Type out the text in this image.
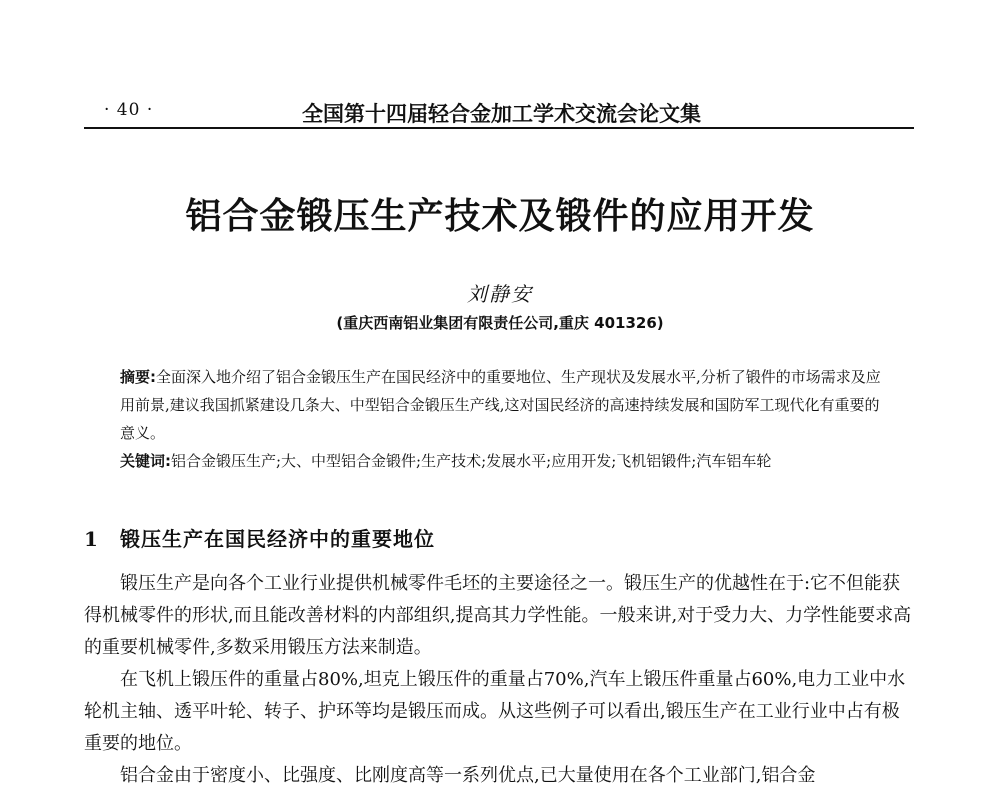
· 40 ·	全国第十四届轻合金加工学术交流会论文集
铝合金锻压生产技术及锻件的应用开发
刘静安
(重庆西南铝业集团有限责任公司,重庆 401326)
摘要:全面深入地介绍了铝合金锻压生产在国民经济中的重要地位、生产现状及发展水平,分析了锻件的市场需求及应用前景,建议我国抓紧建设几条大、中型铝合金锻压生产线,这对国民经济的高速持续发展和国防军工现代化有重要的意义。
关键词:铝合金锻压生产;大、中型铝合金锻件;生产技术;发展水平;应用开发;飞机铝锻件;汽车铝车轮
1 锻压生产在国民经济中的重要地位

锻压生产是向各个工业行业提供机械零件毛坯的主要途径之一。锻压生产的优越性在于:它不但能获得机械零件的形状,而且能改善材料的内部组织,提高其力学性能。一般来讲,对于受力大、力学性能要求高的重要机械零件,多数采用锻压方法来制造。

在飞机上锻压件的重量占80%,坦克上锻压件的重量占70%,汽车上锻压件重量占60%,电力工业中水轮机主轴、透平叶轮、转子、护环等均是锻压而成。从这些例子可以看出,锻压生产在工业行业中占有极重要的地位。

铝合金由于密度小、比强度、比刚度高等一系列优点,已大量使用在各个工业部门,铝合金
